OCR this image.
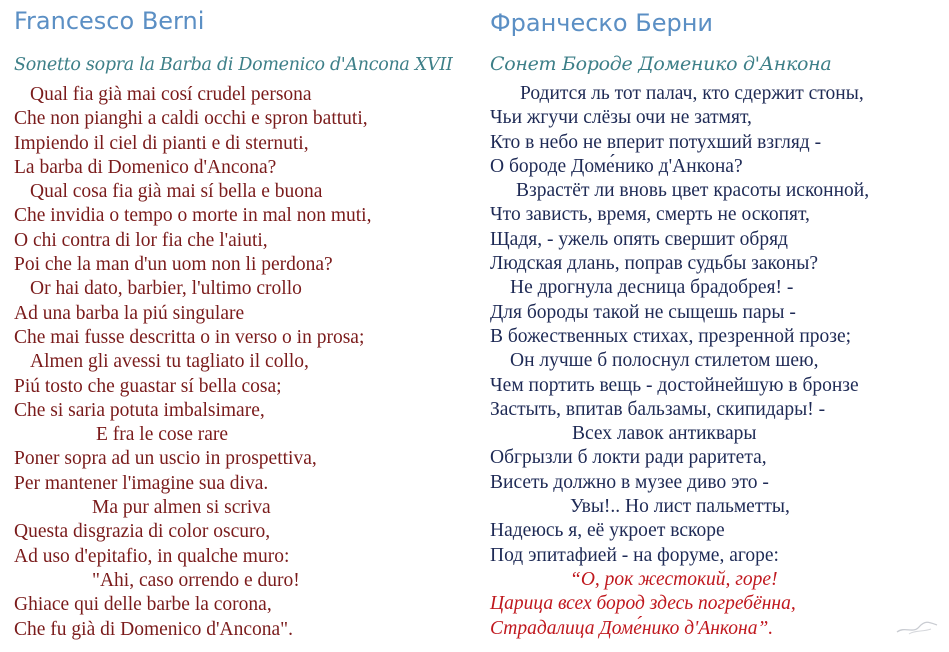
Francesco Berni
Sonetto sopra la Barba di Domenico d'Ancona XVII
Qual fia già mai cosí crudel persona
Che non pianghi a caldi occhi e spron battuti,
Impiendo il ciel di pianti e di sternuti,
La barba di Domenico d'Ancona?
Qual cosa fia già mai sí bella e buona
Che invidia o tempo o morte in mal non muti,
O chi contra di lor fia che l'aiuti,
Poi che la man d'un uom non li perdona?
Or hai dato, barbier, l'ultimo crollo
Ad una barba la piú singulare
Che mai fusse descritta o in verso o in prosa;
Almen gli avessi tu tagliato il collo,
Piú tosto che guastar sí bella cosa;
Che si saria potuta imbalsimare,
E fra le cose rare
Poner sopra ad un uscio in prospettiva,
Per mantener l'imagine sua diva.
Ma pur almen si scriva
Questa disgrazia di color oscuro,
Ad uso d'epitafio, in qualche muro:
"Ahi, caso orrendo e duro!
Ghiace qui delle barbe la corona,
Che fu già di Domenico d'Ancona".
Франческо Берни
Сонет Бороде Доменико д'Анкона
Родится ль тот палач, кто сдержит стоны,
Чьи жгучи слёзы очи не затмят,
Кто в небо не вперит потухший взгляд -
О бороде Доме́нико д'Анкона?
Взрастёт ли вновь цвет красоты исконной,
Что зависть, время, смерть не оскопят,
Щадя, - ужель опять свершит обряд
Людская длань, поправ судьбы законы?
Не дрогнула десница брадобрея! -
Для бороды такой не сыщешь пары -
В божественных стихах, презренной прозе;
Он лучше б полоснул стилетом шею,
Чем портить вещь - достойнейшую в бронзе
Застыть, впитав бальзамы, скипидары! -
Всех лавок антиквары
Обгрызли б локти ради раритета,
Висеть должно в музее диво это -
Увы!.. Но лист пальметты,
Надеюсь я, её укроет вскоре
Под эпитафией - на форуме, агоре:
“О, рок жестокий, горе!
Царица всех бород здесь погребённа,
Страдалица Доме́нико д'Анкона”.
